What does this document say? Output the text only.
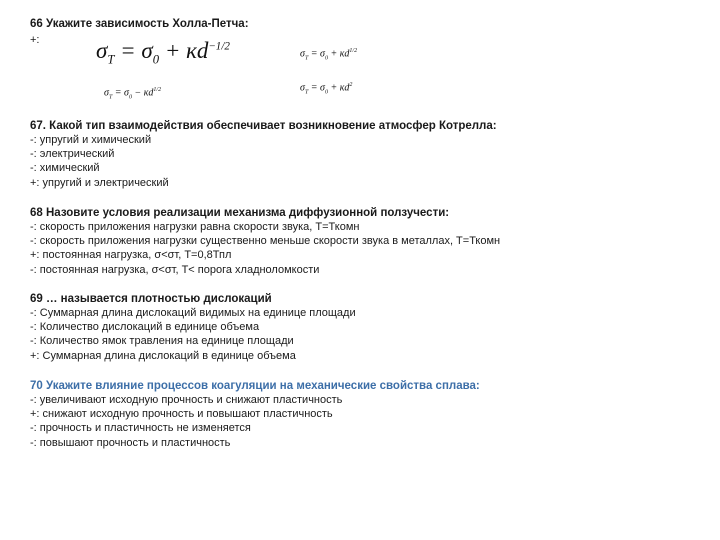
66 Укажите зависимость Холла-Петча:
+: $\sigma_T = \sigma_0 + кd^{-1/2}$
$\sigma_T = \sigma_0 + кd^{1/2}$
$\sigma_T = \sigma_0 - кd^{1/2}$	$\sigma_T = \sigma_0 + кd^2$
67. Какой тип взаимодействия обеспечивает возникновение атмосфер Котрелла:
-: упругий и химический
-: электрический
-: химический
+: упругий и электрический
68 Назовите условия реализации механизма диффузионной ползучести:
-: скорость приложения нагрузки равна скорости звука, Т=Ткомн
-: скорость приложения нагрузки существенно меньше скорости звука в металлах, Т=Ткомн
+: постоянная нагрузка, σ<σт, Т=0,8Тпл
-: постоянная нагрузка, σ<σт, Т< порога хладноломкости
69 … называется плотностью дислокаций
-: Суммарная длина дислокаций видимых на единице площади
-: Количество дислокаций в единице объема
-: Количество ямок травления на единице площади
+: Суммарная длина дислокаций в единице объема
70 Укажите влияние процессов коагуляции на механические свойства сплава:
-: увеличивают исходную прочность и снижают пластичность
+: снижают исходную прочность и повышают пластичность
-: прочность и пластичность не изменяется
-: повышают прочность и пластичность
